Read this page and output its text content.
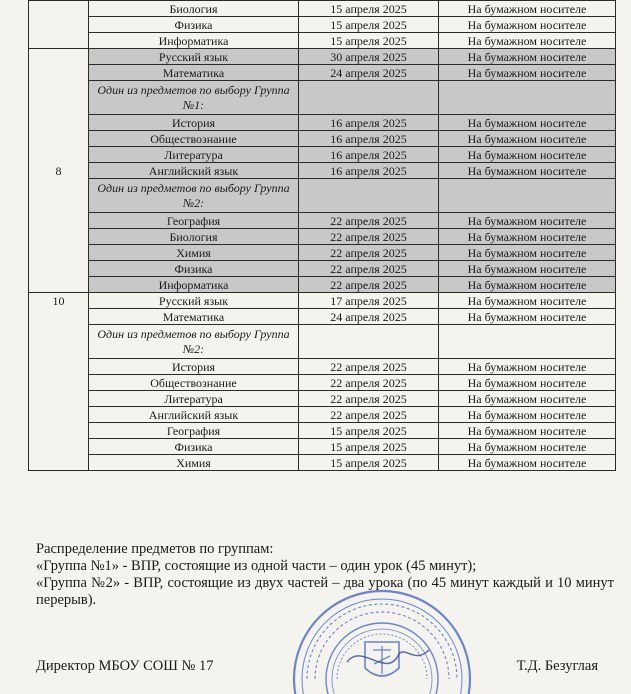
	Биология	15 апреля 2025	На бумажном носителе
	Физика	15 апреля 2025	На бумажном носителе
	Информатика	15 апреля 2025	На бумажном носителе
8	Русский язык	30 апреля 2025	На бумажном носителе
	Математика	24 апреля 2025	На бумажном носителе
	Один из предметов по выбору Группа №1:		
	История	16 апреля 2025	На бумажном носителе
	Обществознание	16 апреля 2025	На бумажном носителе
	Литература	16 апреля 2025	На бумажном носителе
	Английский язык	16 апреля 2025	На бумажном носителе
	Один из предметов по выбору Группа №2:		
	География	22 апреля 2025	На бумажном носителе
	Биология	22 апреля 2025	На бумажном носителе
	Химия	22 апреля 2025	На бумажном носителе
	Физика	22 апреля 2025	На бумажном носителе
	Информатика	22 апреля 2025	На бумажном носителе
10	Русский язык	17 апреля 2025	На бумажном носителе
	Математика	24 апреля 2025	На бумажном носителе
	Один из предметов по выбору Группа №2:		
	История	22 апреля 2025	На бумажном носителе
	Обществознание	22 апреля 2025	На бумажном носителе
	Литература	22 апреля 2025	На бумажном носителе
	Английский язык	22 апреля 2025	На бумажном носителе
	География	15 апреля 2025	На бумажном носителе
	Физика	15 апреля 2025	На бумажном носителе
	Химия	15 апреля 2025	На бумажном носителе

Распределение предметов по группам:

«Группа №1» - ВПР, состоящие из одной части – один урок (45 минут);

«Группа №2» - ВПР, состоящие из двух частей – два урока (по 45 минут каждый и 10 минут перерыв).

Директор МБОУ СОШ № 17	Т.Д. Безуглая
